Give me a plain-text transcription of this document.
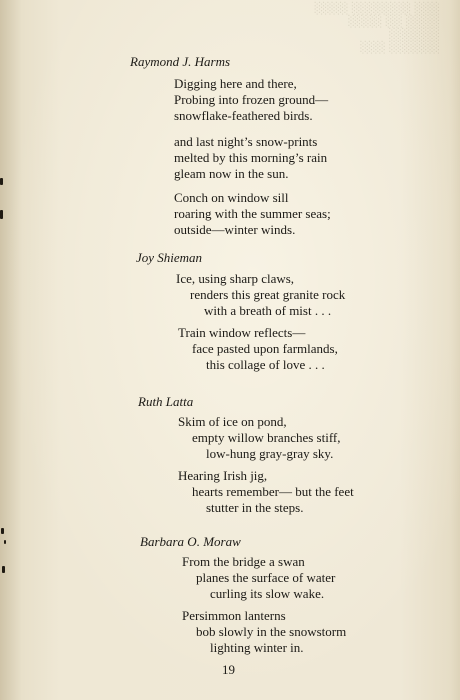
░░░░ ░░░░░░░ ░░░
░░░░ ░░ ░░░░ ░░░░░░
░░░ ░░░░░░
Raymond J. Harms
Digging here and there,
Probing into frozen ground—
snowflake-feathered birds.
and last night’s snow-prints
melted by this morning’s rain
gleam now in the sun.
Conch on window sill
roaring with the summer seas;
outside—winter winds.
Joy Shieman
Ice, using sharp claws,
renders this great granite rock
with a breath of mist . . .
Train window reflects—
face pasted upon farmlands,
this collage of love . . .
Ruth Latta
Skim of ice on pond,
empty willow branches stiff,
low-hung gray-gray sky.
Hearing Irish jig,
hearts remember— but the feet
stutter in the steps.
Barbara O. Moraw
From the bridge a swan
planes the surface of water
curling its slow wake.
Persimmon lanterns
bob slowly in the snowstorm
lighting winter in.
19
